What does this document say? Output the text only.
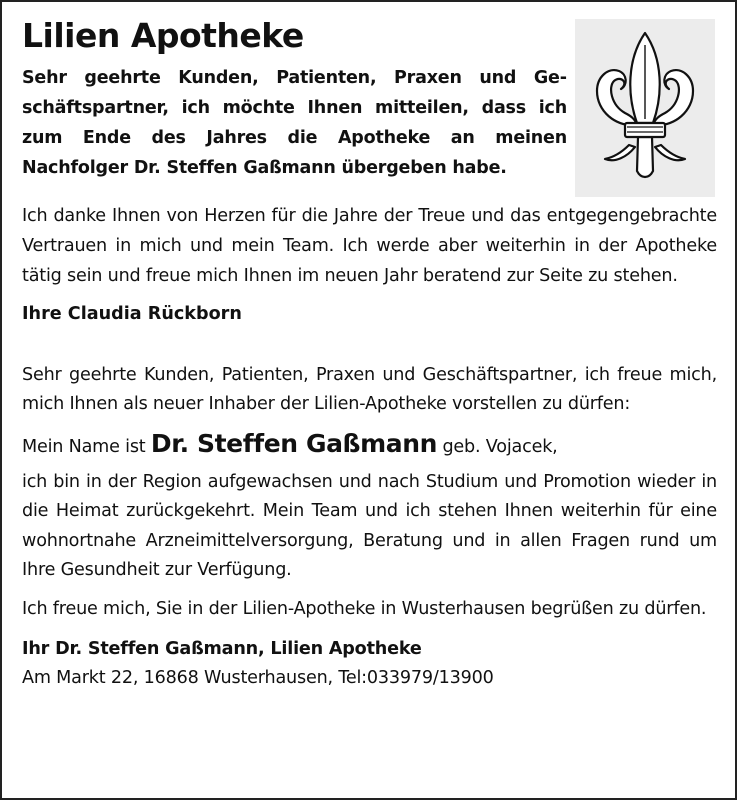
Lilien Apotheke

Sehr geehrte Kunden, Patienten, Praxen und Geschäftspartner, ich möchte Ihnen mitteilen, dass ich zum Ende des Jahres die Apotheke an meinen Nachfolger Dr. Steffen Gaßmann übergeben habe.

Ich danke Ihnen von Herzen für die Jahre der Treue und das entgegengebrachte Vertrauen in mich und mein Team. Ich werde aber weiterhin in der Apotheke tätig sein und freue mich Ihnen im neuen Jahr beratend zur Seite zu stehen.
Ihre Claudia Rückborn
Sehr geehrte Kunden, Patienten, Praxen und Geschäftspartner, ich freue mich, mich Ihnen als neuer Inhaber der Lilien-Apotheke vorstellen zu dürfen:
Mein Name ist Dr. Steffen Gaßmann geb. Vojacek,
ich bin in der Region aufgewachsen und nach Studium und Promotion wieder in die Heimat zurückgekehrt. Mein Team und ich stehen Ihnen weiterhin für eine wohnortnahe Arzneimittelversorgung, Beratung und in allen Fragen rund um Ihre Gesundheit zur Verfügung.
Ich freue mich, Sie in der Lilien-Apotheke in Wusterhausen begrüßen zu dürfen.
Ihr Dr. Steffen Gaßmann, Lilien Apotheke
Am Markt 22, 16868 Wusterhausen, Tel:033979/13900
